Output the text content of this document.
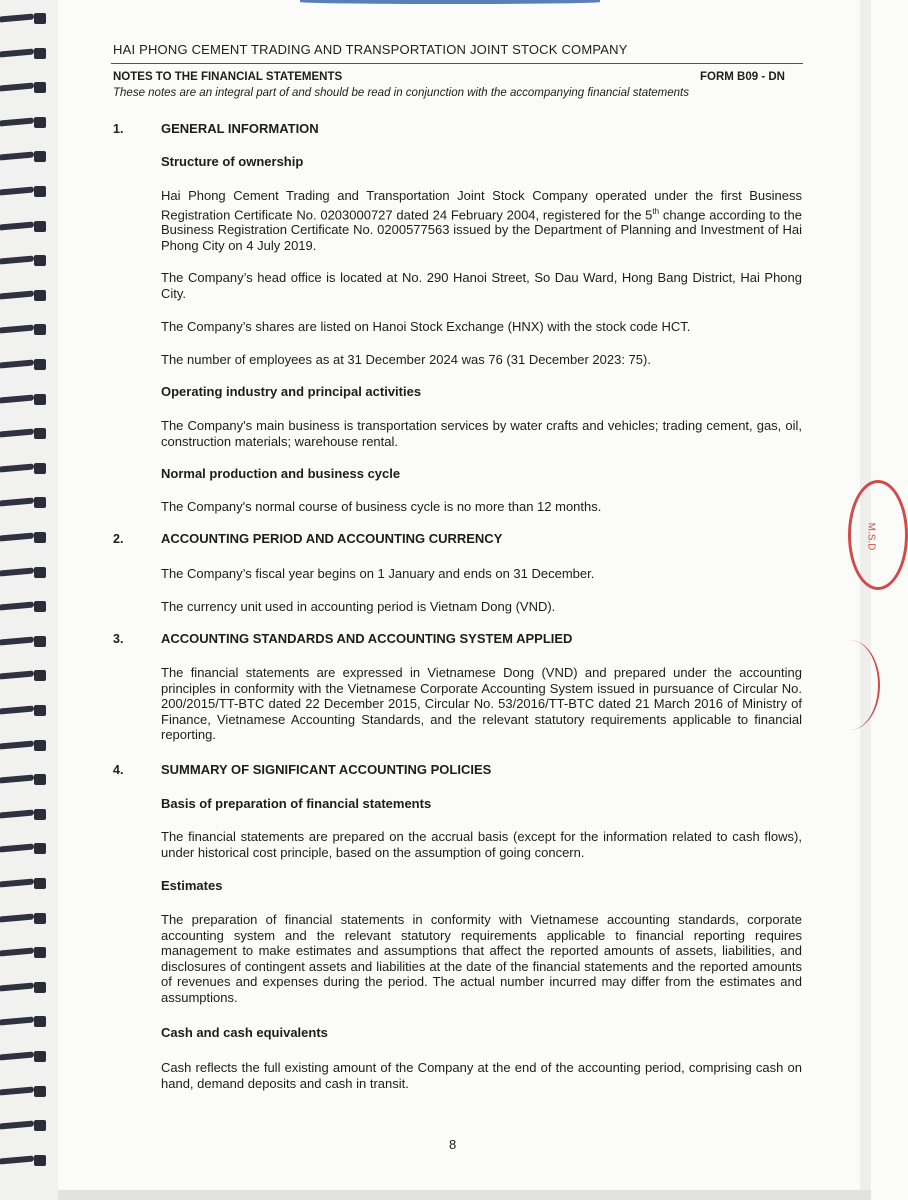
M.S.D
HAI PHONG CEMENT TRADING AND TRANSPORTATION JOINT STOCK COMPANY
NOTES TO THE FINANCIAL STATEMENTS	FORM B09 - DN
These notes are an integral part of and should be read in conjunction with the accompanying financial statements
1.	GENERAL INFORMATION
Structure of ownership

Hai Phong Cement Trading and Transportation Joint Stock Company operated under the first Business Registration Certificate No. 0203000727 dated 24 February 2004, registered for the 5th change according to the Business Registration Certificate No. 0200577563 issued by the Department of Planning and Investment of Hai Phong City on 4 July 2019.

The Company’s head office is located at No. 290 Hanoi Street, So Dau Ward, Hong Bang District, Hai Phong City.

The Company’s shares are listed on Hanoi Stock Exchange (HNX) with the stock code HCT.

The number of employees as at 31 December 2024 was 76 (31 December 2023: 75).

Operating industry and principal activities

The Company's main business is transportation services by water crafts and vehicles; trading cement, gas, oil, construction materials; warehouse rental.

Normal production and business cycle

The Company's normal course of business cycle is no more than 12 months.

2.	ACCOUNTING PERIOD AND ACCOUNTING CURRENCY

The Company’s fiscal year begins on 1 January and ends on 31 December.

The currency unit used in accounting period is Vietnam Dong (VND).

3.	ACCOUNTING STANDARDS AND ACCOUNTING SYSTEM APPLIED

The financial statements are expressed in Vietnamese Dong (VND) and prepared under the accounting principles in conformity with the Vietnamese Corporate Accounting System issued in pursuance of Circular No. 200/2015/TT-BTC dated 22 December 2015, Circular No. 53/2016/TT-BTC dated 21 March 2016 of Ministry of Finance, Vietnamese Accounting Standards, and the relevant statutory requirements applicable to financial reporting.

4.	SUMMARY OF SIGNIFICANT ACCOUNTING POLICIES
Basis of preparation of financial statements

The financial statements are prepared on the accrual basis (except for the information related to cash flows), under historical cost principle, based on the assumption of going concern.

Estimates

The preparation of financial statements in conformity with Vietnamese accounting standards, corporate accounting system and the relevant statutory requirements applicable to financial reporting requires management to make estimates and assumptions that affect the reported amounts of assets, liabilities, and disclosures of contingent assets and liabilities at the date of the financial statements and the reported amounts of revenues and expenses during the period. The actual number incurred may differ from the estimates and assumptions.

Cash and cash equivalents

Cash reflects the full existing amount of the Company at the end of the accounting period, comprising cash on hand, demand deposits and cash in transit.

8
